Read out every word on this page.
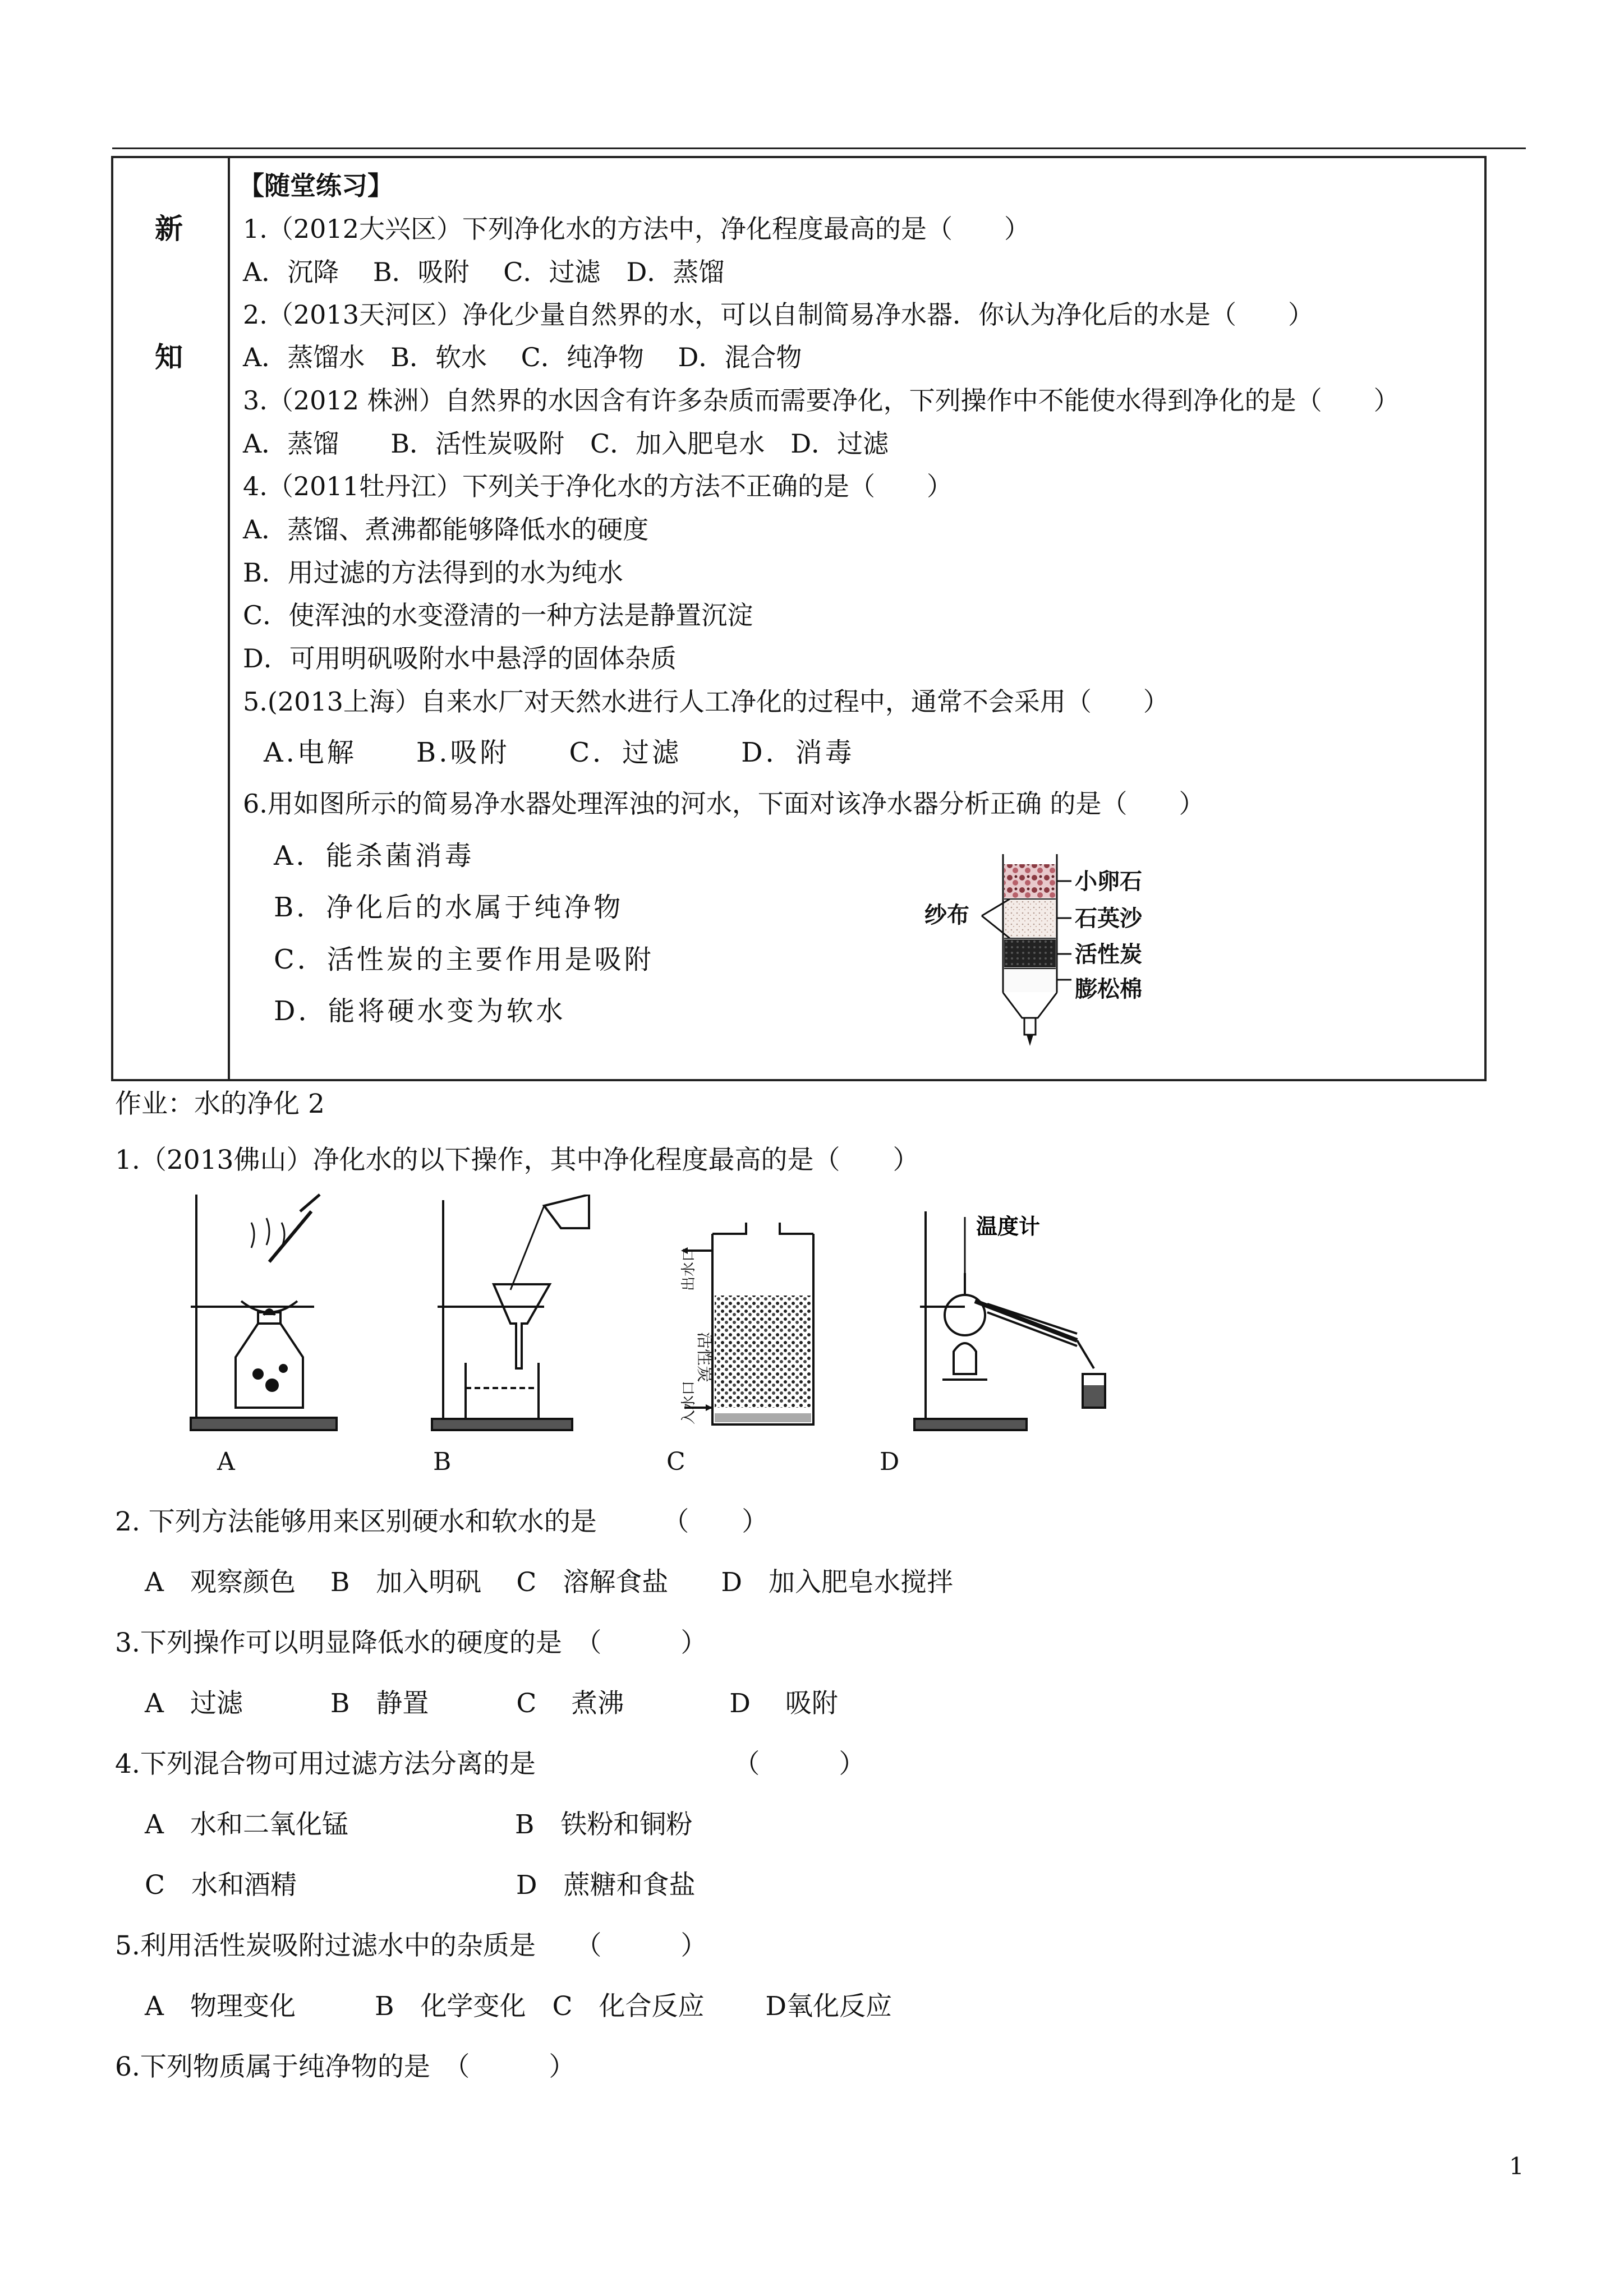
新
知
【随堂练习】
1.（2012大兴区）下列净化水的方法中，净化程度最高的是（　　）
A．沉降　 B．吸附　 C．过滤　D．蒸馏
2.（2013天河区）净化少量自然界的水，可以自制简易净水器．你认为净化后的水是（　　）
A．蒸馏水　B．软水　 C．纯净物　 D．混合物
3.（2012 株洲）自然界的水因含有许多杂质而需要净化，下列操作中不能使水得到净化的是（　　）
A．蒸馏　　B．活性炭吸附　C．加入肥皂水　D．过滤
4.（2011牡丹江）下列关于净化水的方法不正确的是（　　）
A．蒸馏、煮沸都能够降低水的硬度
B．用过滤的方法得到的水为纯水
C．使浑浊的水变澄清的一种方法是静置沉淀
D．可用明矾吸附水中悬浮的固体杂质
5.(2013上海）自来水厂对天然水进行人工净化的过程中，通常不会采用（　　）
A.电解　　B.吸附　　C．过滤　　D．消毒
6.用如图所示的简易净水器处理浑浊的河水，下面对该净水器分析正确 的是（　　）
A．能杀菌消毒
B．净化后的水属于纯净物
C．活性炭的主要作用是吸附
D．能将硬水变为软水
纱布
小卵石
石英沙
活性炭
膨松棉
作业：水的净化 2
1.（2013佛山）净化水的以下操作，其中净化程度最高的是（　　）
出水口
入水口
活性炭
温度计
A	B	C	D
2. 下列方法能够用来区别硬水和软水的是　　　（　　）
A　观察颜色　 B　加入明矾　 C　溶解食盐　　D　加入肥皂水搅拌
3.下列操作可以明显降低水的硬度的是　（　　　）
A　过滤　　　 B　静置　　　 C　 煮沸　　　　D　 吸附
4.下列混合物可用过滤方法分离的是　　　　　　　　（　　　）
A　水和二氧化锰　　　　　　 B　铁粉和铜粉
C　水和酒精　　　　　　　　 D　蔗糖和食盐
5.利用活性炭吸附过滤水中的杂质是　　（　　　）
A　物理变化　　　B　化学变化　C　化合反应　　 D氧化反应
6.下列物质属于纯净物的是　（　　　）
1
